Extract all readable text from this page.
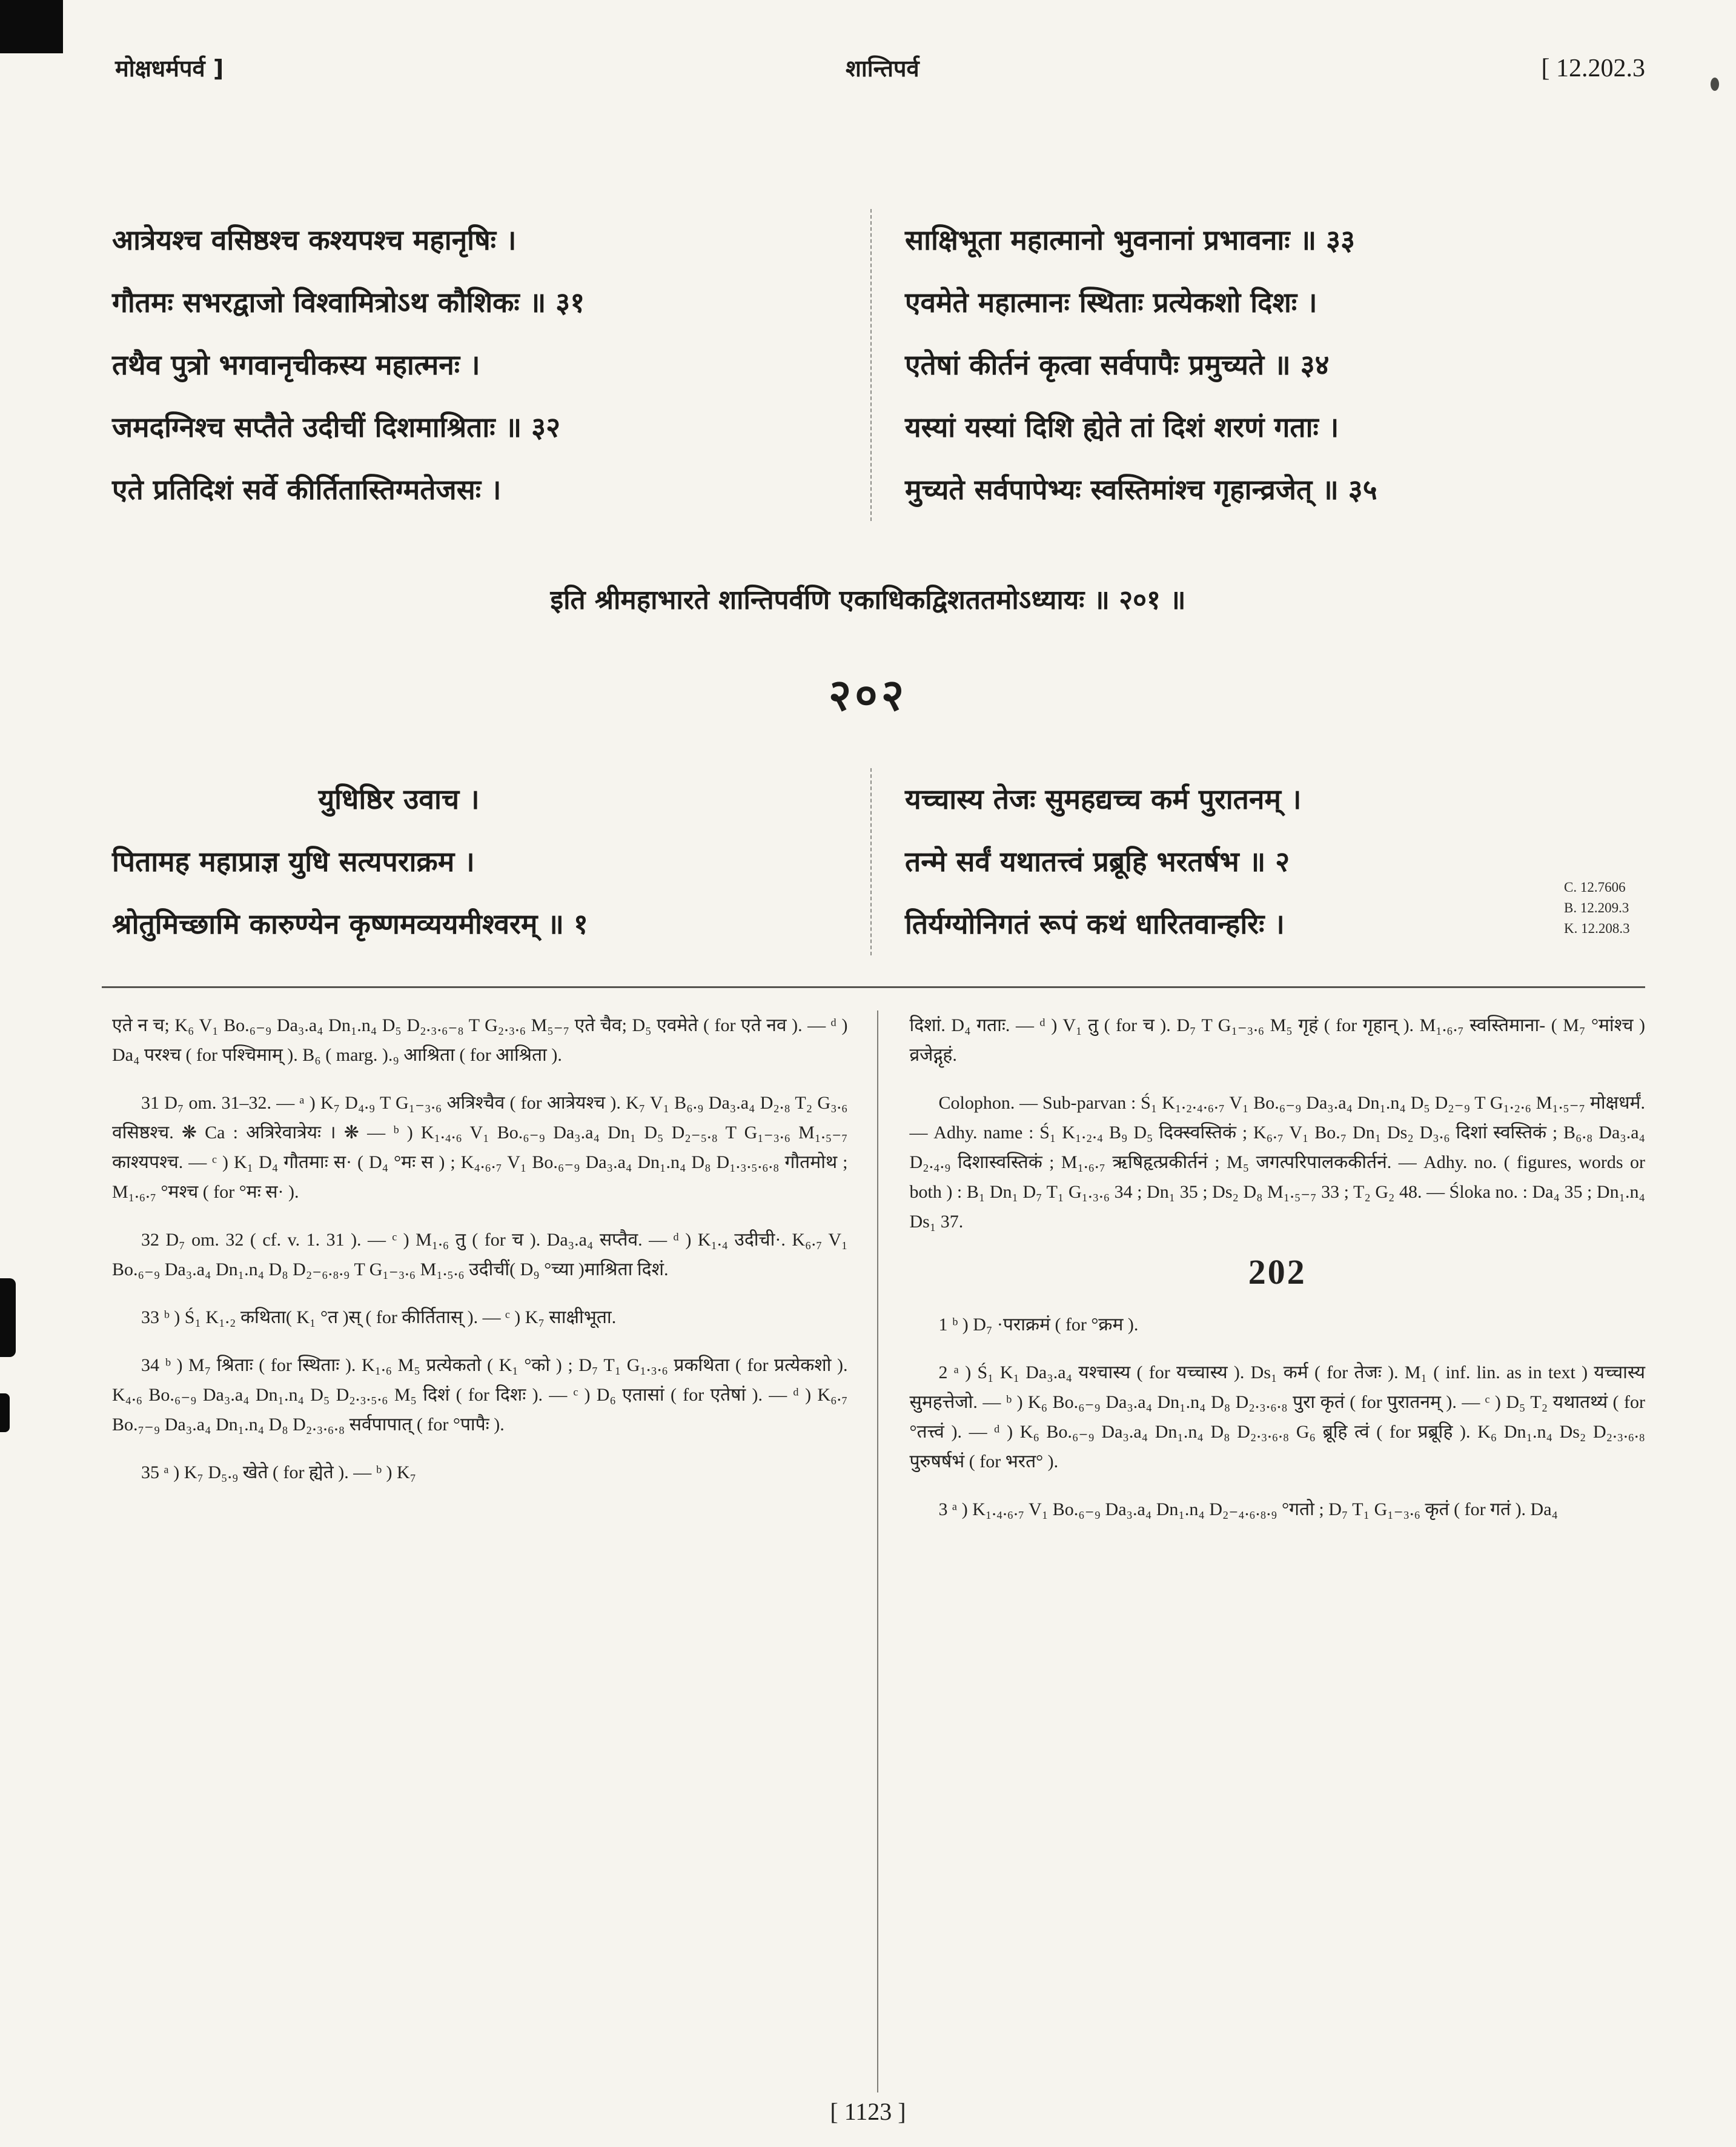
मोक्षधर्मपर्व ]	शान्तिपर्व	[ 12.202.3

आत्रेयश्च वसिष्ठश्च कश्यपश्च महानृषिः ।

गौतमः सभरद्वाजो विश्वामित्रोऽथ कौशिकः ॥ ३१

तथैव पुत्रो भगवानृचीकस्य महात्मनः ।

जमदग्निश्च सप्तैते उदीचीं दिशमाश्रिताः ॥ ३२

एते प्रतिदिशं सर्वे कीर्तितास्तिग्मतेजसः ।

साक्षिभूता महात्मानो भुवनानां प्रभावनाः ॥ ३३

एवमेते महात्मानः स्थिताः प्रत्येकशो दिशः ।

एतेषां कीर्तनं कृत्वा सर्वपापैः प्रमुच्यते ॥ ३४

यस्यां यस्यां दिशि ह्येते तां दिशं शरणं गताः ।

मुच्यते सर्वपापेभ्यः स्वस्तिमांश्च गृहान्व्रजेत् ॥ ३५

इति श्रीमहाभारते शान्तिपर्वणि एकाधिकद्विशततमोऽध्यायः ॥ २०१ ॥
२०२

युधिष्ठिर उवाच ।

पितामह महाप्राज्ञ युधि सत्यपराक्रम ।

श्रोतुमिच्छामि कारुण्येन कृष्णमव्ययमीश्वरम् ॥ १

यच्चास्य तेजः सुमहद्यच्च कर्म पुरातनम् ।

तन्मे सर्वं यथातत्त्वं प्रब्रूहि भरतर्षभ ॥ २

तिर्यग्योनिगतं रूपं कथं धारितवान्हरिः ।

C. 12.7606
B. 12.209.3
K. 12.208.3

एते न च; K₆ V₁ Bo.₆₋₉ Da₃.a₄ Dn₁.n₄ D₅ D₂.₃.₆₋₈ T G₂.₃.₆ M₅₋₇ एते चैव; D₅ एवमेते ( for एते नव ). — ᵈ ) Da₄ परश्च ( for पश्चिमाम् ). B₆ ( marg. ).₉ आश्रिता ( for आश्रिता ).

31 D₇ om. 31–32. — ᵃ ) K₇ D₄.₉ T G₁₋₃.₆ अत्रिश्चैव ( for आत्रेयश्च ). K₇ V₁ B₆.₉ Da₃.a₄ D₂.₈ T₂ G₃.₆ वसिष्ठश्च. ❋ Ca : अत्रिरेवात्रेयः । ❋ — ᵇ ) K₁.₄.₆ V₁ Bo.₆₋₉ Da₃.a₄ Dn₁ D₅ D₂₋₅.₈ T G₁₋₃.₆ M₁.₅₋₇ काश्यपश्च. — ᶜ ) K₁ D₄ गौतमाः स· ( D₄ °मः स ) ; K₄.₆.₇ V₁ Bo.₆₋₉ Da₃.a₄ Dn₁.n₄ D₈ D₁.₃.₅.₆.₈ गौतमोथ ; M₁.₆.₇ °मश्च ( for °मः स· ).

32 D₇ om. 32 ( cf. v. 1. 31 ). — ᶜ ) M₁.₆ तु ( for च ). Da₃.a₄ सप्तैव. — ᵈ ) K₁.₄ उदीची·. K₆.₇ V₁ Bo.₆₋₉ Da₃.a₄ Dn₁.n₄ D₈ D₂₋₆.₈.₉ T G₁₋₃.₆ M₁.₅.₆ उदीचीं( D₉ °च्या )माश्रिता दिशं.

33 ᵇ ) Ś₁ K₁.₂ कथिता( K₁ °त )स् ( for कीर्तितास् ). — ᶜ ) K₇ साक्षीभूता.

34 ᵇ ) M₇ श्रिताः ( for स्थिताः ). K₁.₆ M₅ प्रत्येकतो ( K₁ °को ) ; D₇ T₁ G₁.₃.₆ प्रकथिता ( for प्रत्येकशो ). K₄.₆ Bo.₆₋₉ Da₃.a₄ Dn₁.n₄ D₅ D₂.₃.₅.₆ M₅ दिशं ( for दिशः ). — ᶜ ) D₆ एतासां ( for एतेषां ). — ᵈ ) K₆.₇ Bo.₇₋₉ Da₃.a₄ Dn₁.n₄ D₈ D₂.₃.₆.₈ सर्वपापात् ( for °पापैः ).

35 ᵃ ) K₇ D₅.₉ खेते ( for ह्येते ). — ᵇ ) K₇

दिशां. D₄ गताः. — ᵈ ) V₁ तु ( for च ). D₇ T G₁₋₃.₆ M₅ गृहं ( for गृहान् ). M₁.₆.₇ स्वस्तिमाना- ( M₇ °मांश्च ) व्रजेद्गृहं.

Colophon. — Sub-parvan : Ś₁ K₁.₂.₄.₆.₇ V₁ Bo.₆₋₉ Da₃.a₄ Dn₁.n₄ D₅ D₂₋₉ T G₁.₂.₆ M₁.₅₋₇ मोक्षधर्मं. — Adhy. name : Ś₁ K₁.₂.₄ B₉ D₅ दिक्स्वस्तिकं ; K₆.₇ V₁ Bo.₇ Dn₁ Ds₂ D₃.₆ दिशां स्वस्तिकं ; B₆.₈ Da₃.a₄ D₂.₄.₉ दिशास्वस्तिकं ; M₁.₆.₇ ऋषिहृत्प्रकीर्तनं ; M₅ जगत्परिपालककीर्तनं. — Adhy. no. ( figures, words or both ) : B₁ Dn₁ D₇ T₁ G₁.₃.₆ 34 ; Dn₁ 35 ; Ds₂ D₈ M₁.₅₋₇ 33 ; T₂ G₂ 48. — Śloka no. : Da₄ 35 ; Dn₁.n₄ Ds₁ 37.

202

1 ᵇ ) D₇ ·पराक्रमं ( for °क्रम ).

2 ᵃ ) Ś₁ K₁ Da₃.a₄ यश्चास्य ( for यच्चास्य ). Ds₁ कर्म ( for तेजः ). M₁ ( inf. lin. as in text ) यच्चास्य सुमहत्तेजो. — ᵇ ) K₆ Bo.₆₋₉ Da₃.a₄ Dn₁.n₄ D₈ D₂.₃.₆.₈ पुरा कृतं ( for पुरातनम् ). — ᶜ ) D₅ T₂ यथातथ्यं ( for °तत्त्वं ). — ᵈ ) K₆ Bo.₆₋₉ Da₃.a₄ Dn₁.n₄ D₈ D₂.₃.₆.₈ G₆ ब्रूहि त्वं ( for प्रब्रूहि ). K₆ Dn₁.n₄ Ds₂ D₂.₃.₆.₈ पुरुषर्षभं ( for भरत° ).

3 ᵃ ) K₁.₄.₆.₇ V₁ Bo.₆₋₉ Da₃.a₄ Dn₁.n₄ D₂₋₄.₆.₈.₉ °गतो ; D₇ T₁ G₁₋₃.₆ कृतं ( for गतं ). Da₄

[ 1123 ]
